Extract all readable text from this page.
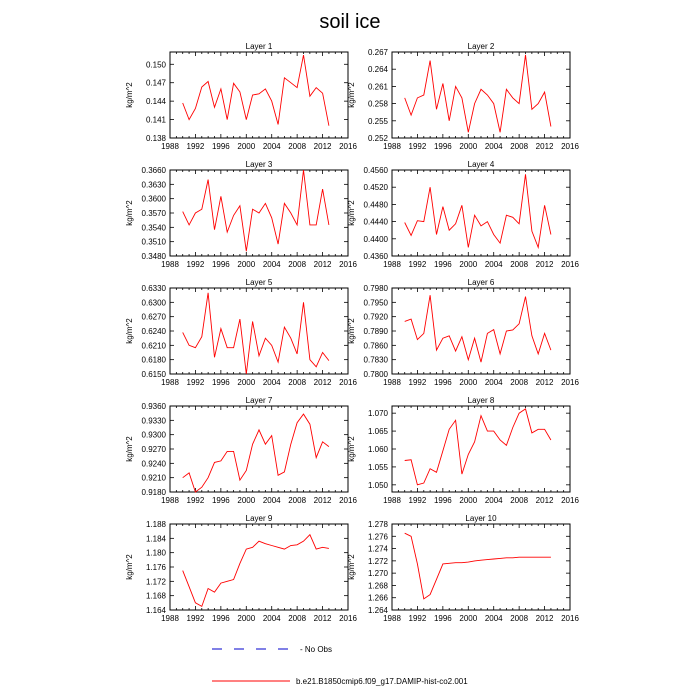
soil ice
Layer 1
1988 1992 1996 2000 2004 2008 2012 2016
0.138
0.141
0.144
0.147
0.150
kg/m^2
Layer 2
1988 1992 1996 2000 2004 2008 2012 2016
0.252
0.255
0.258
0.261
0.264
0.267
kg/m^2
Layer 3
1988 1992 1996 2000 2004 2008 2012 2016
0.3480
0.3510
0.3540
0.3570
0.3600
0.3630
0.3660
kg/m^2
Layer 4
1988 1992 1996 2000 2004 2008 2012 2016
0.4360
0.4400
0.4440
0.4480
0.4520
0.4560
kg/m^2
Layer 5
1988 1992 1996 2000 2004 2008 2012 2016
0.6150
0.6180
0.6210
0.6240
0.6270
0.6300
0.6330
kg/m^2
Layer 6
1988 1992 1996 2000 2004 2008 2012 2016
0.7800
0.7830
0.7860
0.7890
0.7920
0.7950
0.7980
kg/m^2
Layer 7
1988 1992 1996 2000 2004 2008 2012 2016
0.9180
0.9210
0.9240
0.9270
0.9300
0.9330
0.9360
kg/m^2
Layer 8
1988 1992 1996 2000 2004 2008 2012 2016
1.050
1.055
1.060
1.065
1.070
kg/m^2
Layer 9
1988 1992 1996 2000 2004 2008 2012 2016
1.164
1.168
1.172
1.176
1.180
1.184
1.188
kg/m^2
Layer 10
1988 1992 1996 2000 2004 2008 2012 2016
1.264
1.266
1.268
1.270
1.272
1.274
1.276
1.278
kg/m^2
- No Obs
b.e21.B1850cmip6.f09_g17.DAMIP-hist-co2.001
